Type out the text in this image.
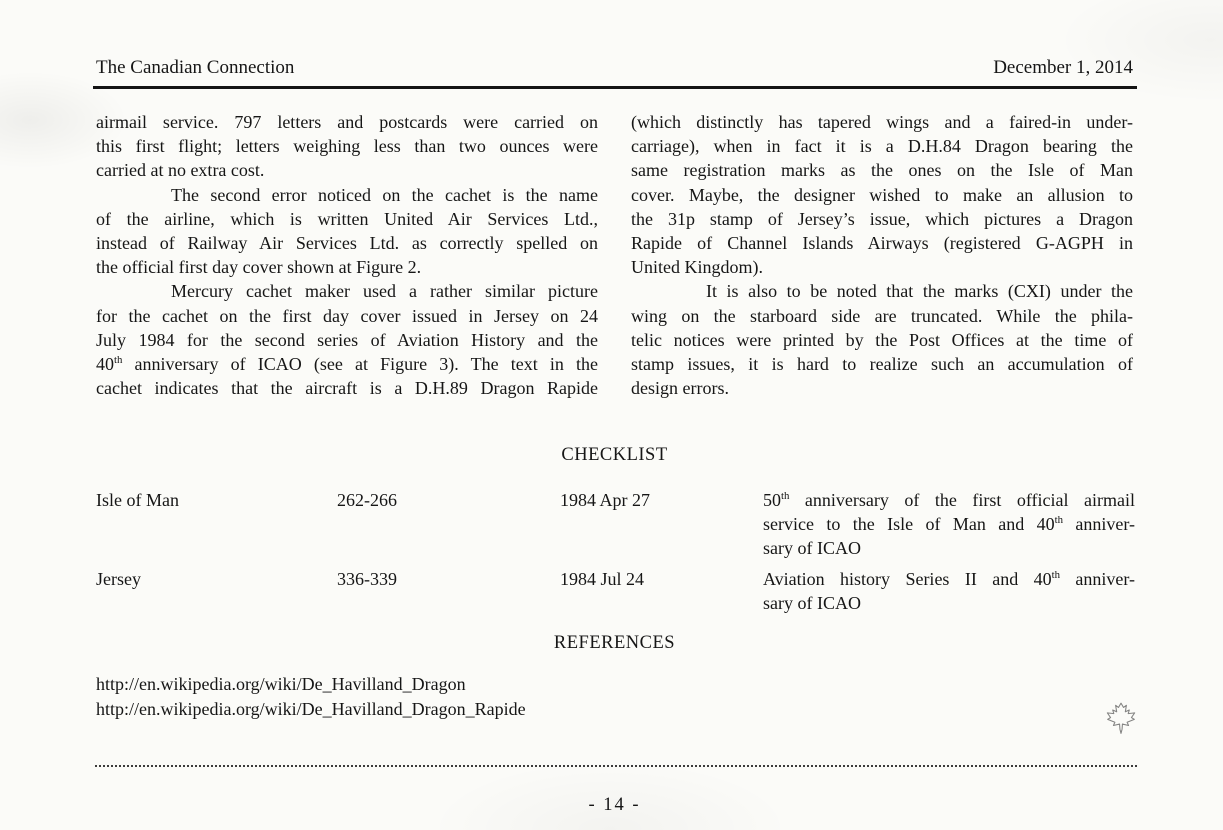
The Canadian Connection	December 1, 2014
airmail service. 797 letters and postcards were carried on
this first flight; letters weighing less than two ounces were
carried at no extra cost.
The second error noticed on the cachet is the name
of the airline, which is written United Air Services Ltd.,
instead of Railway Air Services Ltd. as correctly spelled on
the official first day cover shown at Figure 2.
Mercury cachet maker used a rather similar picture
for the cachet on the first day cover issued in Jersey on 24
July 1984 for the second series of Aviation History and the
40th anniversary of ICAO (see at Figure 3). The text in the
cachet indicates that the aircraft is a D.H.89 Dragon Rapide
(which distinctly has tapered wings and a faired-in under-
carriage), when in fact it is a D.H.84 Dragon bearing the
same registration marks as the ones on the Isle of Man
cover. Maybe, the designer wished to make an allusion to
the 31p stamp of Jersey’s issue, which pictures a Dragon
Rapide of Channel Islands Airways (registered G-AGPH in
United Kingdom).
It is also to be noted that the marks (CXI) under the
wing on the starboard side are truncated. While the phila-
telic notices were printed by the Post Offices at the time of
stamp issues, it is hard to realize such an accumulation of
design errors.
CHECKLIST
Isle of Man	262-266	1984 Apr 27	50th anniversary of the first official airmail
service to the Isle of Man and 40th anniver-
sary of ICAO
Jersey	336-339	1984 Jul 24	Aviation history Series II and 40th anniver-
sary of ICAO
REFERENCES
http://en.wikipedia.org/wiki/De_Havilland_Dragon
http://en.wikipedia.org/wiki/De_Havilland_Dragon_Rapide
- 14 -
